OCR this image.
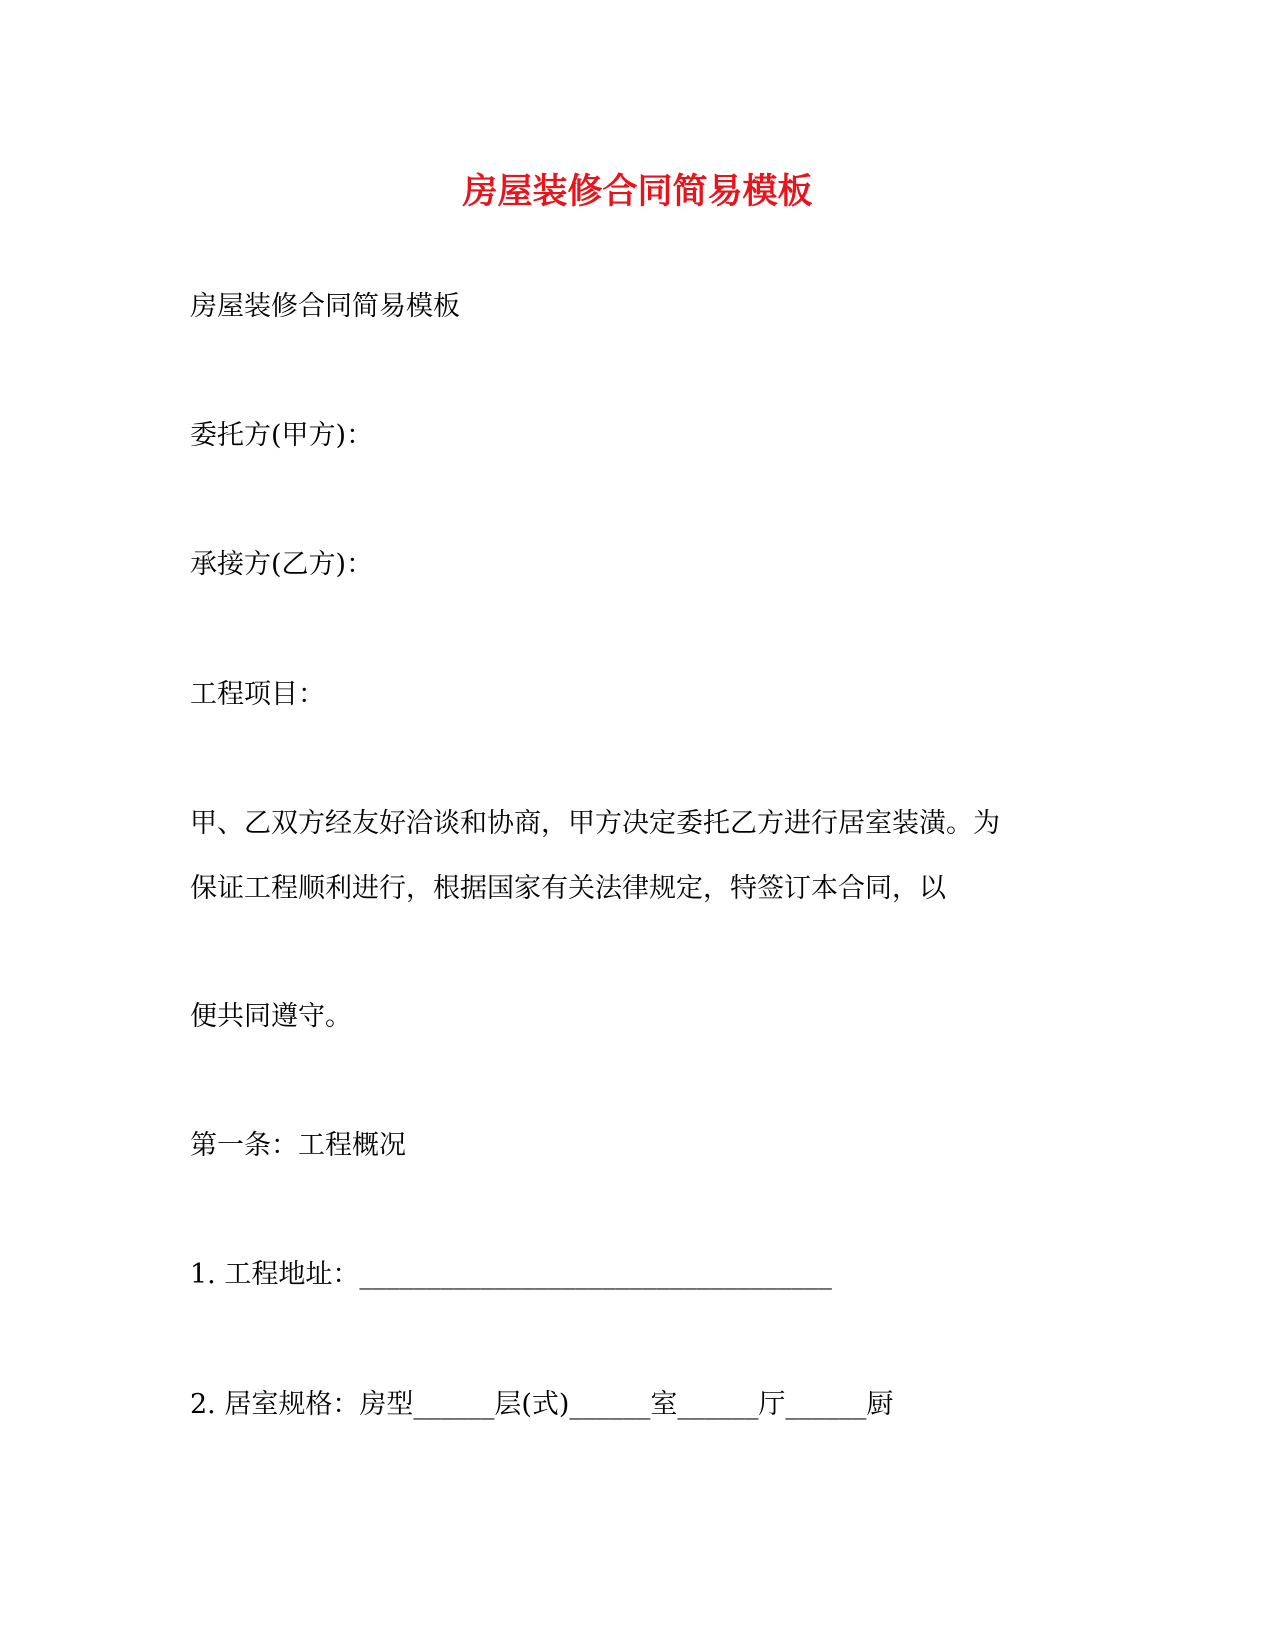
房屋装修合同简易模板

房屋装修合同简易模板

委托方(甲方)：

承接方(乙方)：

工程项目：

甲、乙双方经友好洽谈和协商，甲方决定委托乙方进行居室装潢。为

保证工程顺利进行，根据国家有关法律规定，特签订本合同，以

便共同遵守。

第一条：工程概况

1. 工程地址：___________________________________

2. 居室规格：房型______层(式)______室______厅______厨
